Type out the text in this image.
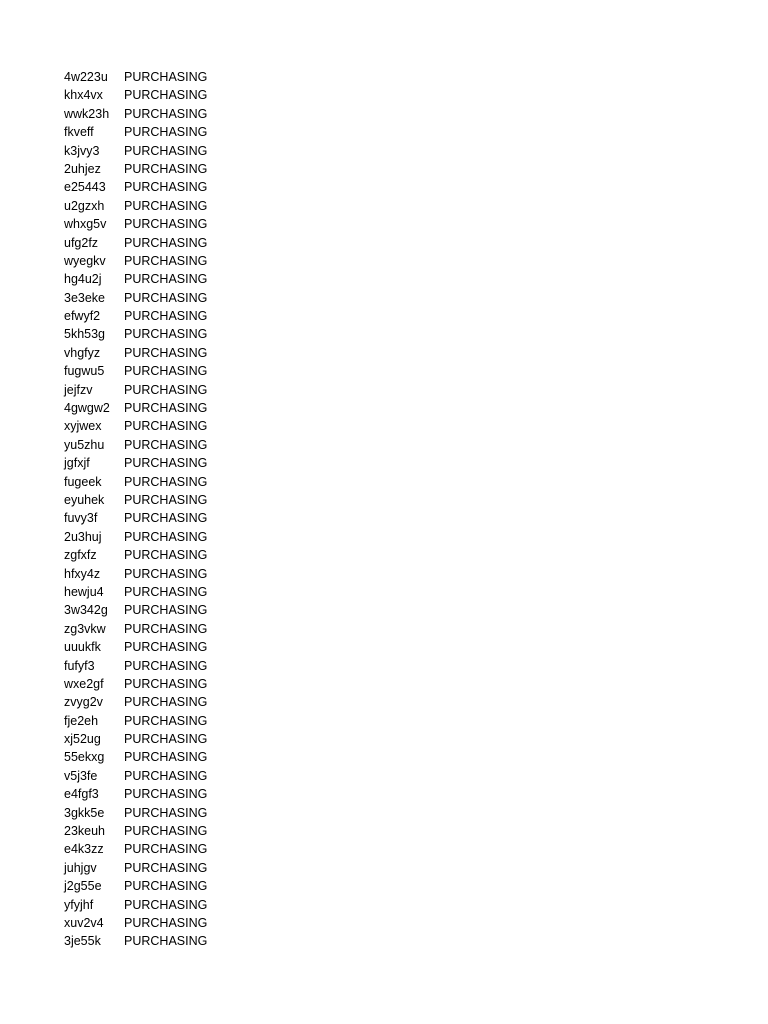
4w223u	PURCHASING
khx4vx	PURCHASING
wwk23h	PURCHASING
fkveff	PURCHASING
k3jvy3	PURCHASING
2uhjez	PURCHASING
e25443	PURCHASING
u2gzxh	PURCHASING
whxg5v	PURCHASING
ufg2fz	PURCHASING
wyegkv	PURCHASING
hg4u2j	PURCHASING
3e3eke	PURCHASING
efwyf2	PURCHASING
5kh53g	PURCHASING
vhgfyz	PURCHASING
fugwu5	PURCHASING
jejfzv	PURCHASING
4gwgw2	PURCHASING
xyjwex	PURCHASING
yu5zhu	PURCHASING
jgfxjf	PURCHASING
fugeek	PURCHASING
eyuhek	PURCHASING
fuvy3f	PURCHASING
2u3huj	PURCHASING
zgfxfz	PURCHASING
hfxy4z	PURCHASING
hewju4	PURCHASING
3w342g	PURCHASING
zg3vkw	PURCHASING
uuukfk	PURCHASING
fufyf3	PURCHASING
wxe2gf	PURCHASING
zvyg2v	PURCHASING
fje2eh	PURCHASING
xj52ug	PURCHASING
55ekxg	PURCHASING
v5j3fe	PURCHASING
e4fgf3	PURCHASING
3gkk5e	PURCHASING
23keuh	PURCHASING
e4k3zz	PURCHASING
juhjgv	PURCHASING
j2g55e	PURCHASING
yfyjhf	PURCHASING
xuv2v4	PURCHASING
3je55k	PURCHASING
